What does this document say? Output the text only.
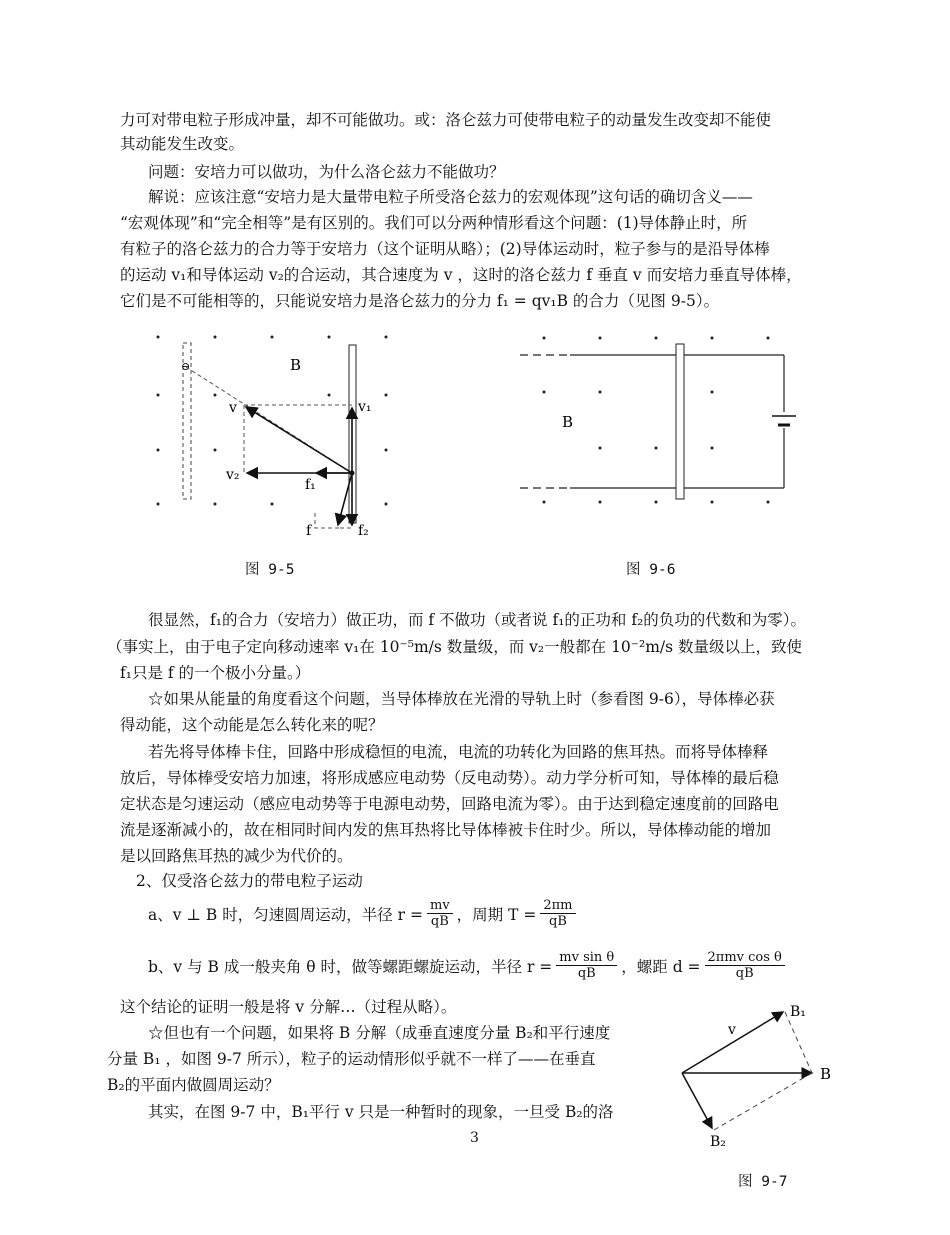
力可对带电粒子形成冲量，却不可能做功。或：洛仑兹力可使带电粒子的动量发生改变却不能使
其动能发生改变。
问题：安培力可以做功，为什么洛仑兹力不能做功？
解说：应该注意“安培力是大量带电粒子所受洛仑兹力的宏观体现”这句话的确切含义——
“宏观体现”和“完全相等”是有区别的。我们可以分两种情形看这个问题：(1)导体静止时，所
有粒子的洛仑兹力的合力等于安培力（这个证明从略）；(2)导体运动时，粒子参与的是沿导体棒
的运动 v₁和导体运动 v₂的合运动，其合速度为 v ，这时的洛仑兹力 f 垂直 v 而安培力垂直导体棒，
它们是不可能相等的，只能说安培力是洛仑兹力的分力 f₁ = qv₁B 的合力（见图 9-5）。
⊖	B
v	v₁
v₂
f₁
f	f₂
图 9-5
B
图 9-6
很显然，f₁的合力（安培力）做正功，而 f 不做功（或者说 f₁的正功和 f₂的负功的代数和为零）。
（事实上，由于电子定向移动速率 v₁在 10⁻⁵m/s 数量级，而 v₂一般都在 10⁻²m/s 数量级以上，致使
f₁只是 f 的一个极小分量。）
☆如果从能量的角度看这个问题，当导体棒放在光滑的导轨上时（参看图 9-6），导体棒必获
得动能，这个动能是怎么转化来的呢？
若先将导体棒卡住，回路中形成稳恒的电流，电流的功转化为回路的焦耳热。而将导体棒释
放后，导体棒受安培力加速，将形成感应电动势（反电动势）。动力学分析可知，导体棒的最后稳
定状态是匀速运动（感应电动势等于电源电动势，回路电流为零）。由于达到稳定速度前的回路电
流是逐渐减小的，故在相同时间内发的焦耳热将比导体棒被卡住时少。所以，导体棒动能的增加
是以回路焦耳热的减少为代价的。
2、仅受洛仑兹力的带电粒子运动
a、v ⊥ B 时，匀速圆周运动，半径 $r = \frac{mv}{qB}$ ，周期 $T = \frac{2\pi m}{qB}$
b、v 与 B 成一般夹角 θ 时，做等螺距螺旋运动，半径 $r = \frac{\text{mv sin θ}}{qB}$ ，螺距 $d = \frac{\text{2πmv cos θ}}{qB}$
这个结论的证明一般是将 v 分解…（过程从略）。
☆但也有一个问题，如果将 B 分解（成垂直速度分量 B₂和平行速度
分量 B₁ ，如图 9-7 所示），粒子的运动情形似乎就不一样了——在垂直
B₂的平面内做圆周运动？
其实，在图 9-7 中，B₁平行 v 只是一种暂时的现象，一旦受 B₂的洛
3
v
B₁
B
B₂
图 9-7
